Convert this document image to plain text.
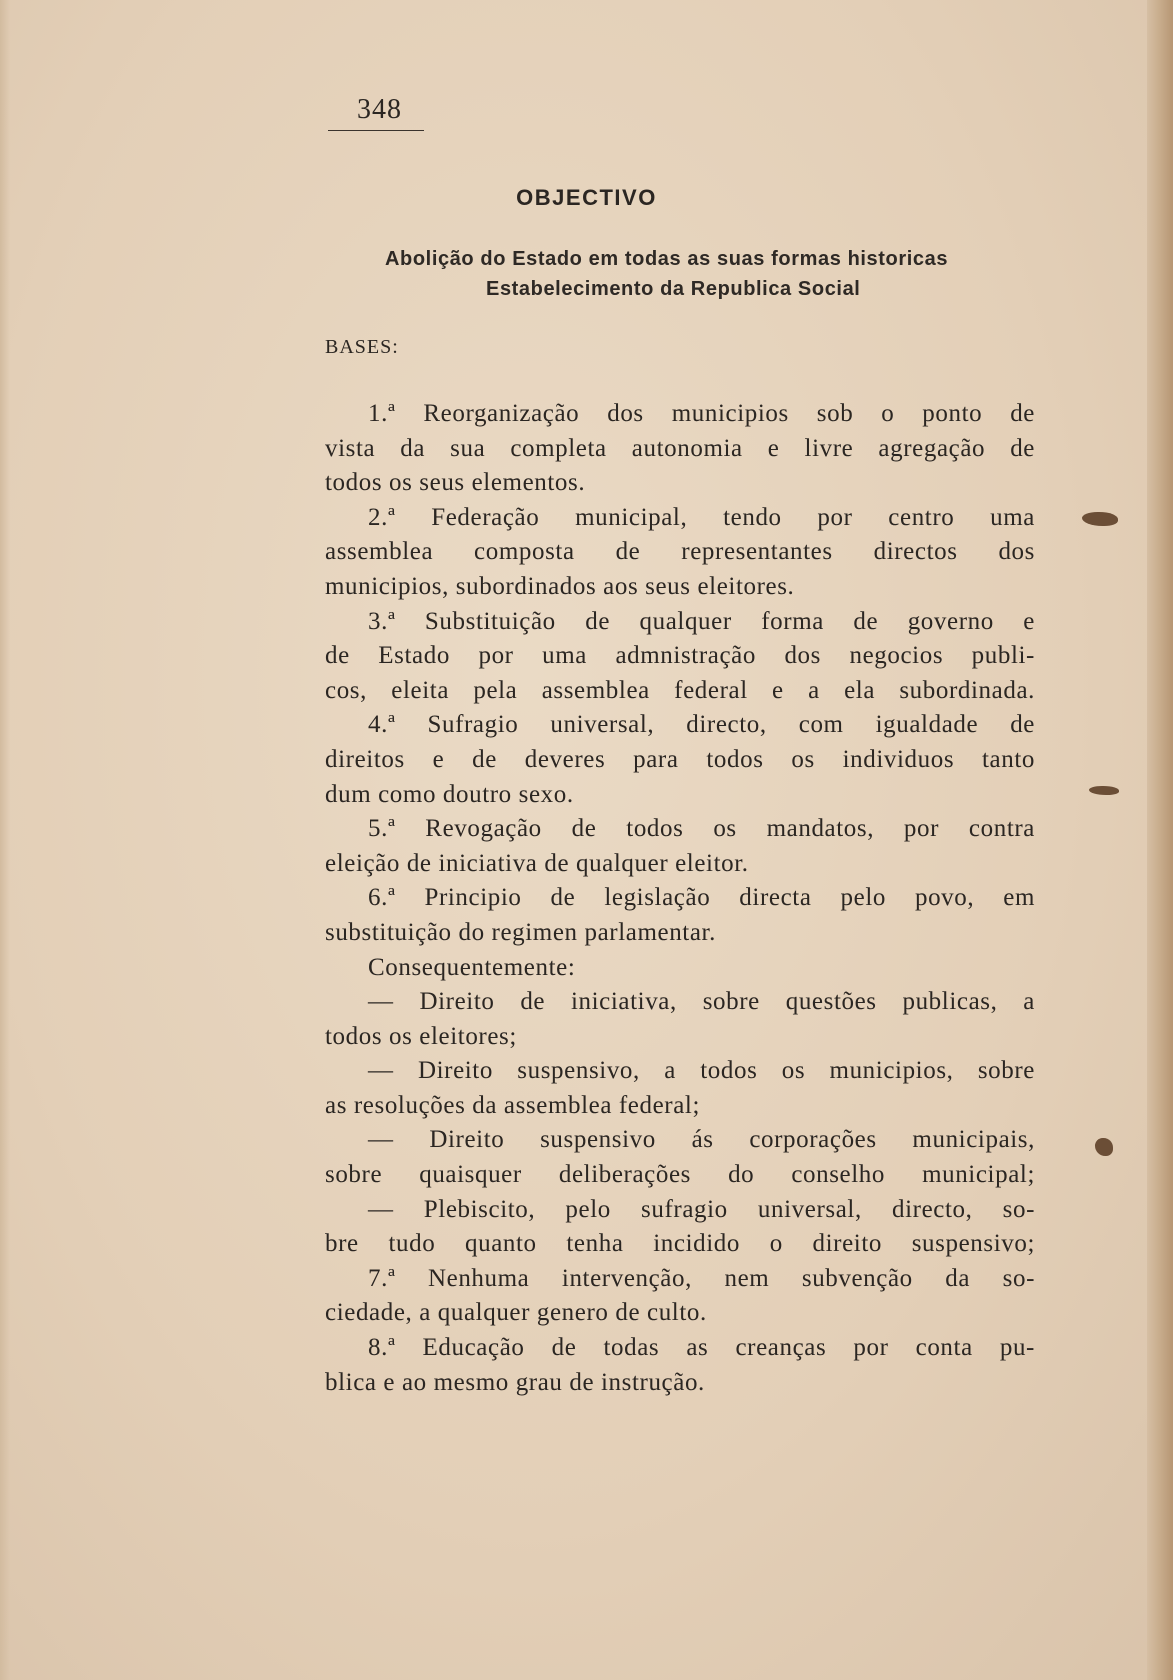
348
OBJECTIVO
Abolição do Estado em todas as suas formas historicas
Estabelecimento da Republica Social
BASES:
1.ª Reorganização dos municipios sob o ponto de
vista da sua completa autonomia e livre agregação de
todos os seus elementos.
2.ª Federação municipal, tendo por centro uma
assemblea composta de representantes directos dos
municipios, subordinados aos seus eleitores.
3.ª Substituição de qualquer forma de governo e
de Estado por uma admnistração dos negocios publi-
cos, eleita pela assemblea federal e a ela subordinada.
4.ª Sufragio universal, directo, com igualdade de
direitos e de deveres para todos os individuos tanto
dum como doutro sexo.
5.ª Revogação de todos os mandatos, por contra
eleição de iniciativa de qualquer eleitor.
6.ª Principio de legislação directa pelo povo, em
substituição do regimen parlamentar.
Consequentemente:
— Direito de iniciativa, sobre questões publicas, a
todos os eleitores;
— Direito suspensivo, a todos os municipios, sobre
as resoluções da assemblea federal;
— Direito suspensivo ás corporações municipais,
sobre quaisquer deliberações do conselho municipal;
— Plebiscito, pelo sufragio universal, directo, so-
bre tudo quanto tenha incidido o direito suspensivo;
7.ª Nenhuma intervenção, nem subvenção da so-
ciedade, a qualquer genero de culto.
8.ª Educação de todas as creanças por conta pu-
blica e ao mesmo grau de instrução.
